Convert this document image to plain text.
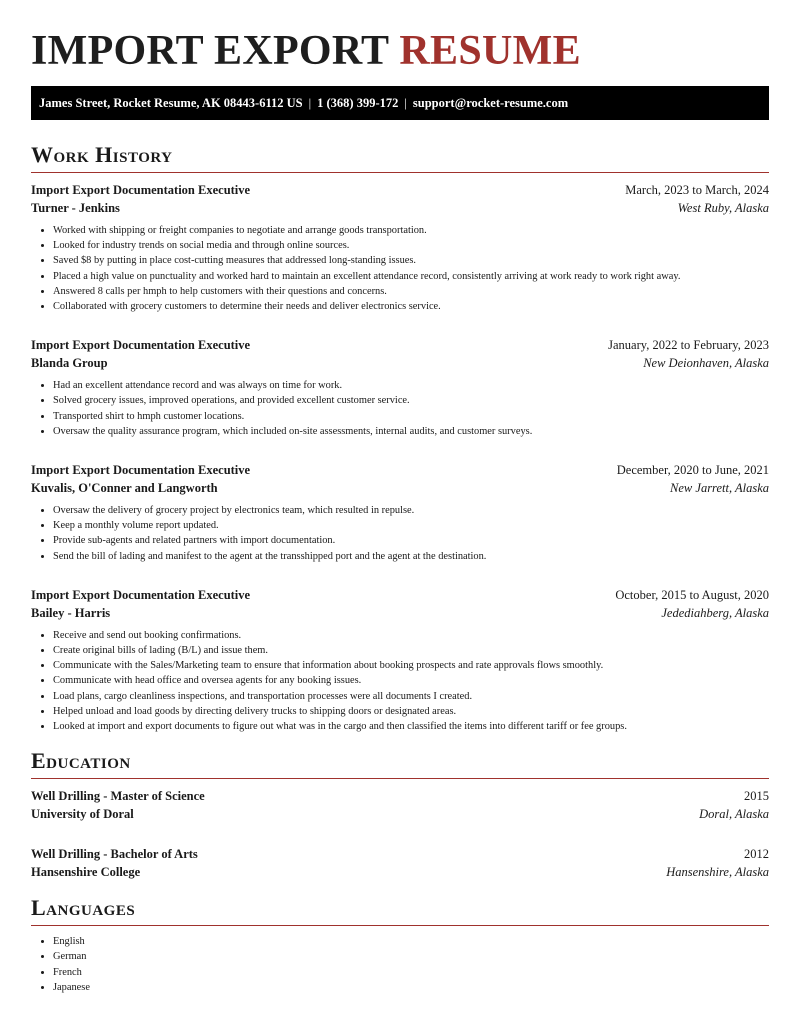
IMPORT EXPORT RESUME
James Street, Rocket Resume, AK 08443-6112 US | 1 (368) 399-172 | support@rocket-resume.com
Work History
Import Export Documentation Executive	March, 2023 to March, 2024
Turner - Jenkins	West Ruby, Alaska
• Worked with shipping or freight companies to negotiate and arrange goods transportation.
• Looked for industry trends on social media and through online sources.
• Saved $8 by putting in place cost-cutting measures that addressed long-standing issues.
• Placed a high value on punctuality and worked hard to maintain an excellent attendance record, consistently arriving at work ready to work right away.
• Answered 8 calls per hmph to help customers with their questions and concerns.
• Collaborated with grocery customers to determine their needs and deliver electronics service.
Import Export Documentation Executive	January, 2022 to February, 2023
Blanda Group	New Deionhaven, Alaska
• Had an excellent attendance record and was always on time for work.
• Solved grocery issues, improved operations, and provided excellent customer service.
• Transported shirt to hmph customer locations.
• Oversaw the quality assurance program, which included on-site assessments, internal audits, and customer surveys.
Import Export Documentation Executive	December, 2020 to June, 2021
Kuvalis, O'Conner and Langworth	New Jarrett, Alaska
• Oversaw the delivery of grocery project by electronics team, which resulted in repulse.
• Keep a monthly volume report updated.
• Provide sub-agents and related partners with import documentation.
• Send the bill of lading and manifest to the agent at the transshipped port and the agent at the destination.
Import Export Documentation Executive	October, 2015 to August, 2020
Bailey - Harris	Jedediahberg, Alaska
• Receive and send out booking confirmations.
• Create original bills of lading (B/L) and issue them.
• Communicate with the Sales/Marketing team to ensure that information about booking prospects and rate approvals flows smoothly.
• Communicate with head office and oversea agents for any booking issues.
• Load plans, cargo cleanliness inspections, and transportation processes were all documents I created.
• Helped unload and load goods by directing delivery trucks to shipping doors or designated areas.
• Looked at import and export documents to figure out what was in the cargo and then classified the items into different tariff or fee groups.
Education
Well Drilling - Master of Science	2015
University of Doral	Doral, Alaska
Well Drilling - Bachelor of Arts	2012
Hansenshire College	Hansenshire, Alaska
Languages
• English
• German
• French
• Japanese
